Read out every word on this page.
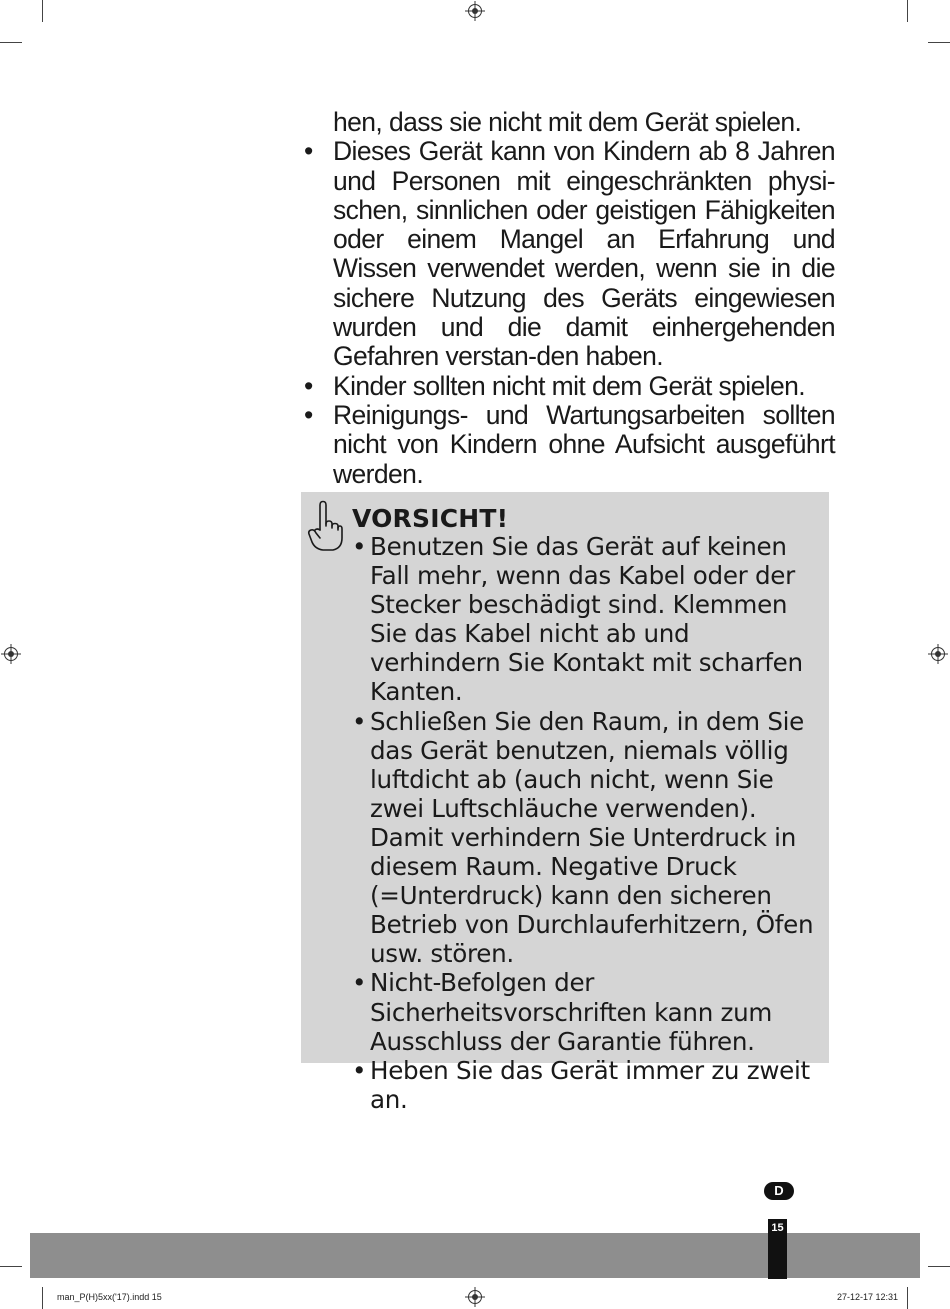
hen, dass sie nicht mit dem Gerät spielen.
• Dieses Gerät kann von Kindern ab 8 Jahren und Personen mit eingeschränkten physi-schen, sinnlichen oder geistigen Fähigkeiten oder einem Mangel an Erfahrung und Wissen verwendet werden, wenn sie in die sichere Nutzung des Geräts eingewiesen wurden und die damit einhergehenden Gefahren verstan-den haben.
• Kinder sollten nicht mit dem Gerät spielen.
• Reinigungs- und Wartungsarbeiten sollten nicht von Kindern ohne Aufsicht ausgeführt werden.
VORSICHT!
• Benutzen Sie das Gerät auf keinen Fall mehr, wenn das Kabel oder der Stecker beschädigt sind. Klemmen Sie das Kabel nicht ab und verhindern Sie Kontakt mit scharfen Kanten.
• Schließen Sie den Raum, in dem Sie das Gerät benutzen, niemals völlig luftdicht ab (auch nicht, wenn Sie zwei Luftschläuche verwenden). Damit verhindern Sie Unterdruck in diesem Raum. Negative Druck (=Unterdruck) kann den sicheren Betrieb von Durchlauferhitzern, Öfen usw. stören.
• Nicht-Befolgen der Sicherheitsvorschriften kann zum Ausschluss der Garantie führen.
• Heben Sie das Gerät immer zu zweit an.
D
15
man_P(H)5xx('17).indd 15	27-12-17 12:31
